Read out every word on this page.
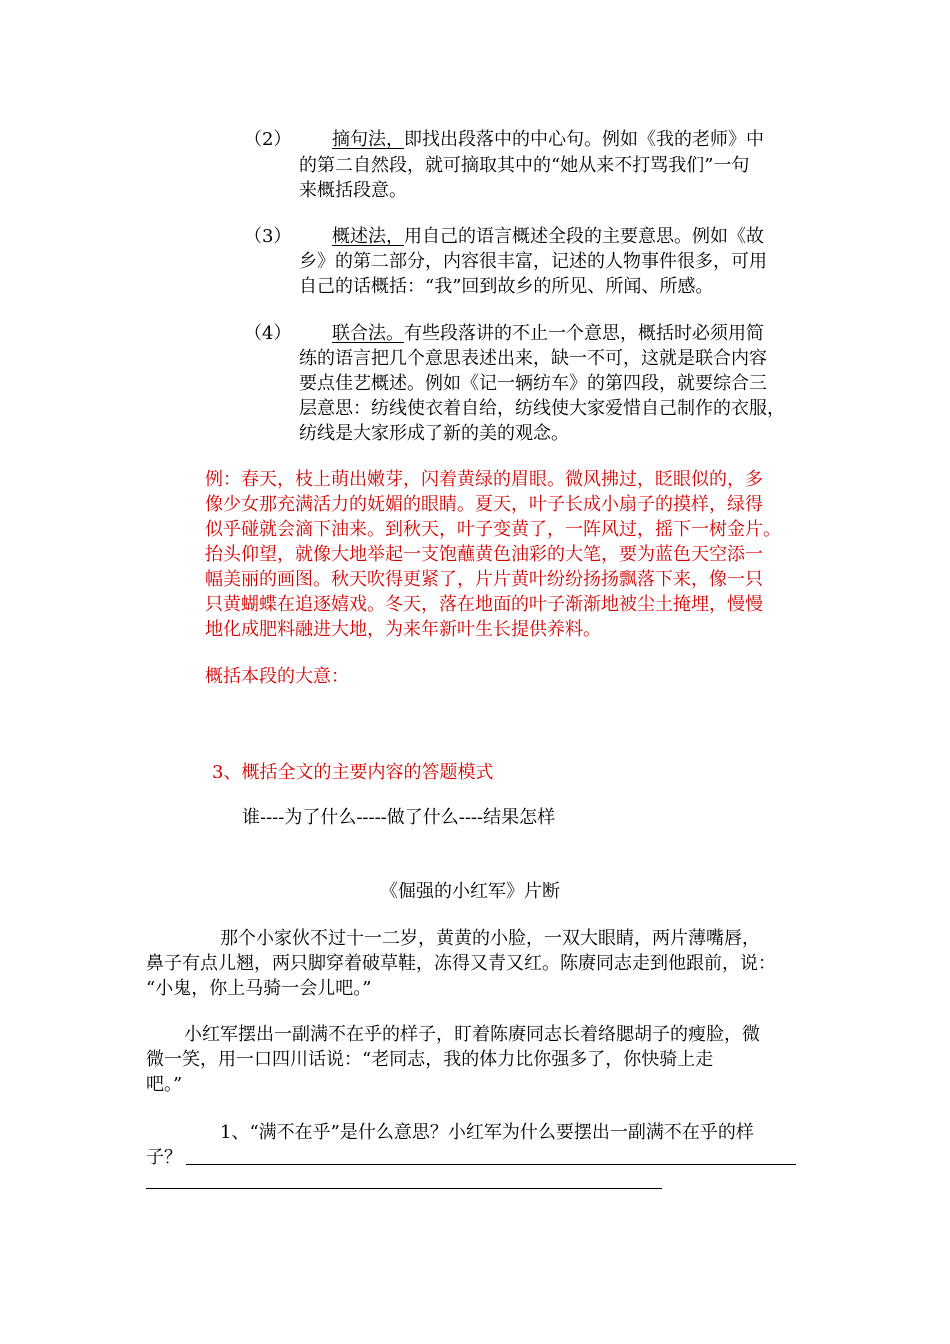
（2） 摘句法，即找出段落中的中心句。例如《我的老师》中
的第二自然段，就可摘取其中的“她从来不打骂我们”一句
来概括段意。
（3） 概述法，用自己的语言概述全段的主要意思。例如《故
乡》的第二部分，内容很丰富，记述的人物事件很多，可用
自己的话概括：“我”回到故乡的所见、所闻、所感。
（4） 联合法。有些段落讲的不止一个意思，概括时必须用简
练的语言把几个意思表述出来，缺一不可，这就是联合内容
要点佳艺概述。例如《记一辆纺车》的第四段，就要综合三
层意思：纺线使衣着自给，纺线使大家爱惜自己制作的衣服，
纺线是大家形成了新的美的观念。
例：春天，枝上萌出嫩芽，闪着黄绿的眉眼。微风拂过，眨眼似的，多
像少女那充满活力的妩媚的眼睛。夏天，叶子长成小扇子的摸样，绿得
似乎碰就会滴下油来。到秋天，叶子变黄了，一阵风过，摇下一树金片。
抬头仰望，就像大地举起一支饱蘸黄色油彩的大笔，要为蓝色天空添一
幅美丽的画图。秋天吹得更紧了，片片黄叶纷纷扬扬飘落下来，像一只
只黄蝴蝶在追逐嬉戏。冬天，落在地面的叶子渐渐地被尘土掩埋，慢慢
地化成肥料融进大地，为来年新叶生长提供养料。
概括本段的大意：
3、概括全文的主要内容的答题模式
谁----为了什么-----做了什么----结果怎样
《倔强的小红军》片断
那个小家伙不过十一二岁，黄黄的小脸，一双大眼睛，两片薄嘴唇，
鼻子有点儿翘，两只脚穿着破草鞋，冻得又青又红。陈赓同志走到他跟前，说：
“小鬼，你上马骑一会儿吧。”
小红军摆出一副满不在乎的样子，盯着陈赓同志长着络腮胡子的瘦脸，微
微一笑，用一口四川话说：“老同志，我的体力比你强多了，你快骑上走
吧。”
1、“满不在乎”是什么意思？小红军为什么要摆出一副满不在乎的样
子？
